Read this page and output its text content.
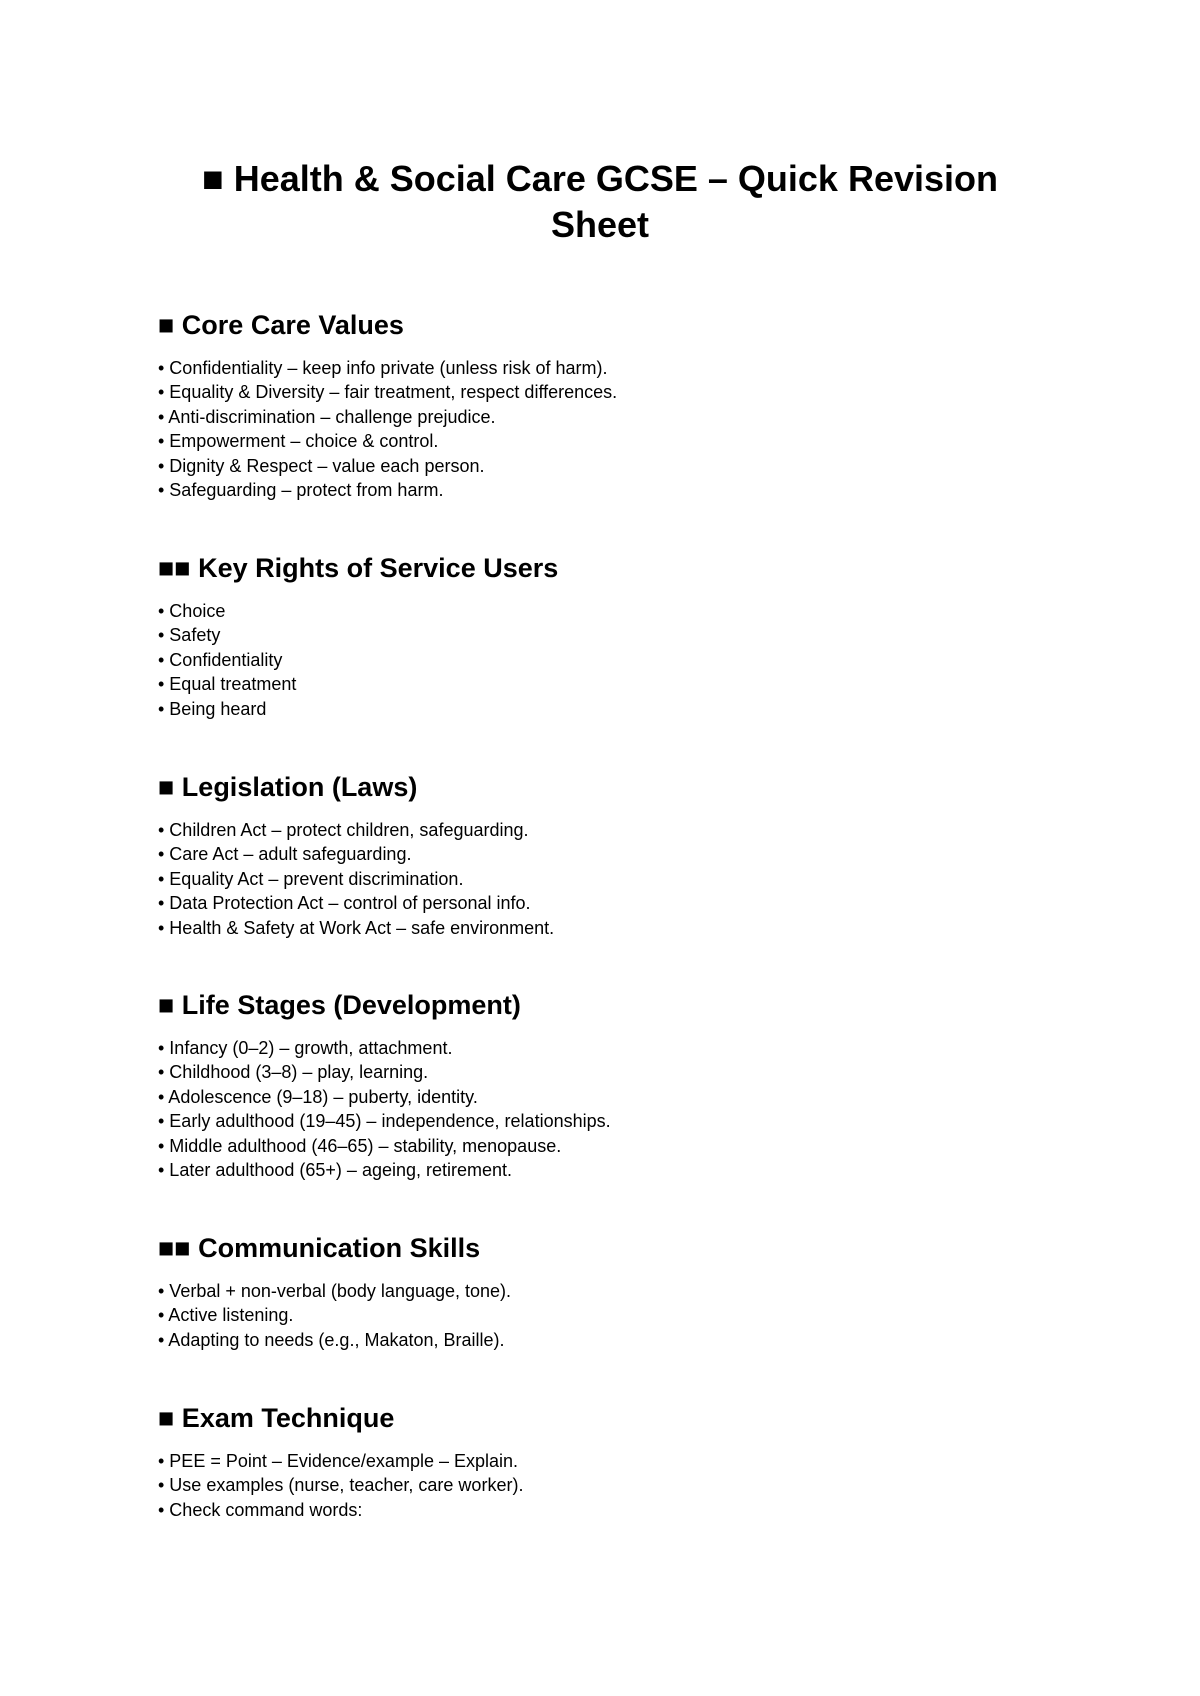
■ Health & Social Care GCSE – Quick Revision Sheet
■ Core Care Values
• Confidentiality – keep info private (unless risk of harm).
• Equality & Diversity – fair treatment, respect differences.
• Anti-discrimination – challenge prejudice.
• Empowerment – choice & control.
• Dignity & Respect – value each person.
• Safeguarding – protect from harm.
■■ Key Rights of Service Users
• Choice
• Safety
• Confidentiality
• Equal treatment
• Being heard
■ Legislation (Laws)
• Children Act – protect children, safeguarding.
• Care Act – adult safeguarding.
• Equality Act – prevent discrimination.
• Data Protection Act – control of personal info.
• Health & Safety at Work Act – safe environment.
■ Life Stages (Development)
• Infancy (0–2) – growth, attachment.
• Childhood (3–8) – play, learning.
• Adolescence (9–18) – puberty, identity.
• Early adulthood (19–45) – independence, relationships.
• Middle adulthood (46–65) – stability, menopause.
• Later adulthood (65+) – ageing, retirement.
■■ Communication Skills
• Verbal + non-verbal (body language, tone).
• Active listening.
• Adapting to needs (e.g., Makaton, Braille).
■ Exam Technique
• PEE = Point – Evidence/example – Explain.
• Use examples (nurse, teacher, care worker).
• Check command words:
